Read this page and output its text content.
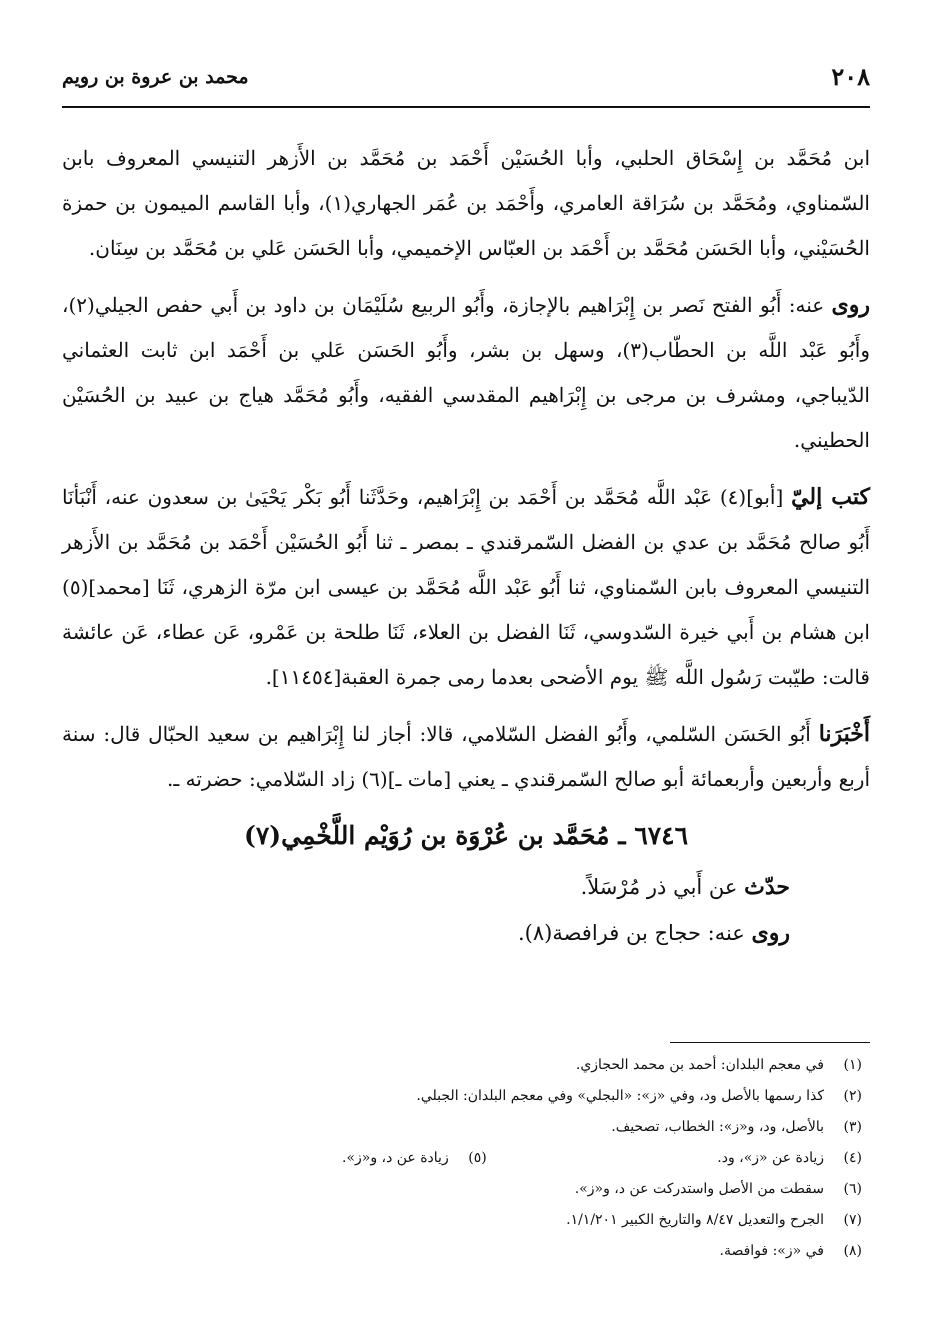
محمد بن عروة بن رويم	٢٠٨

ابن مُحَمَّد بن إِسْحَاق الحلبي، وأبا الحُسَيْن أَحْمَد بن مُحَمَّد بن الأَزهر التنيسي المعروف بابن السّمناوي، ومُحَمَّد بن سُرَاقة العامري، وأَحْمَد بن عُمَر الجهاري(١)، وأبا القاسم الميمون بن حمزة الحُسَيْني، وأبا الحَسَن مُحَمَّد بن أَحْمَد بن العبّاس الإخميمي، وأبا الحَسَن عَلي بن مُحَمَّد بن سِنَان.

روى عنه: أَبُو الفتح نَصر بن إِبْرَاهيم بالإجازة، وأَبُو الربيع سُلَيْمَان بن داود بن أَبي حفص الجيلي(٢)، وأَبُو عَبْد اللَّه بن الحطّاب(٣)، وسهل بن بشر، وأَبُو الحَسَن عَلي بن أَحْمَد ابن ثابت العثماني الدّيباجي، ومشرف بن مرجى بن إِبْرَاهيم المقدسي الفقيه، وأَبُو مُحَمَّد هياج بن عبيد بن الحُسَيْن الحطيني.

كتب إليّ [أبو](٤) عَبْد اللَّه مُحَمَّد بن أَحْمَد بن إِبْرَاهيم، وحَدَّثَنا أَبُو بَكْر يَحْيَىٰ بن سعدون عنه، أَنْبَأنَا أَبُو صالح مُحَمَّد بن عدي بن الفضل السّمرقندي ـ بمصر ـ ثنا أَبُو الحُسَيْن أَحْمَد بن مُحَمَّد بن الأَزهر التنيسي المعروف بابن السّمناوي، ثنا أَبُو عَبْد اللَّه مُحَمَّد بن عيسى ابن مرّة الزهري، ثَنَا [محمد](٥) ابن هشام بن أَبي خيرة السّدوسي، ثَنَا الفضل بن العلاء، ثَنَا طلحة بن عَمْرو، عَن عطاء، عَن عائشة قالت: طيّبت رَسُول اللَّه ﷺ يوم الأضحى بعدما رمى جمرة العقبة[١١٤٥٤].

أَخْبَرَنا أَبُو الحَسَن السّلمي، وأَبُو الفضل السّلامي، قالا: أجاز لنا إِبْرَاهيم بن سعيد الحبّال قال: سنة أربع وأربعين وأربعمائة أبو صالح السّمرقندي ـ يعني [مات ـ](٦) زاد السّلامي: حضرته ـ.

٦٧٤٦ ـ مُحَمَّد بن عُرْوَة بن رُوَيْم اللَّخْمِي(٧)
حدّث عن أَبي ذر مُرْسَلاً.
روى عنه: حجاج بن فرافصة(٨).
(١)في معجم البلدان: أحمد بن محمد الحجازي.
(٢)كذا رسمها بالأصل ود، وفي «ز»: «البجلي» وفي معجم البلدان: الجبلي.
(٣)بالأصل، ود، و«ز»: الخطاب، تصحيف.
(٤)زيادة عن «ز»، ود.
(٥)زيادة عن د، و«ز».
(٦)سقطت من الأصل واستدركت عن د، و«ز».
(٧)الجرح والتعديل ٨/٤٧ والتاريخ الكبير ١/١/٢٠١.
(٨)في «ز»: فوافصة.
